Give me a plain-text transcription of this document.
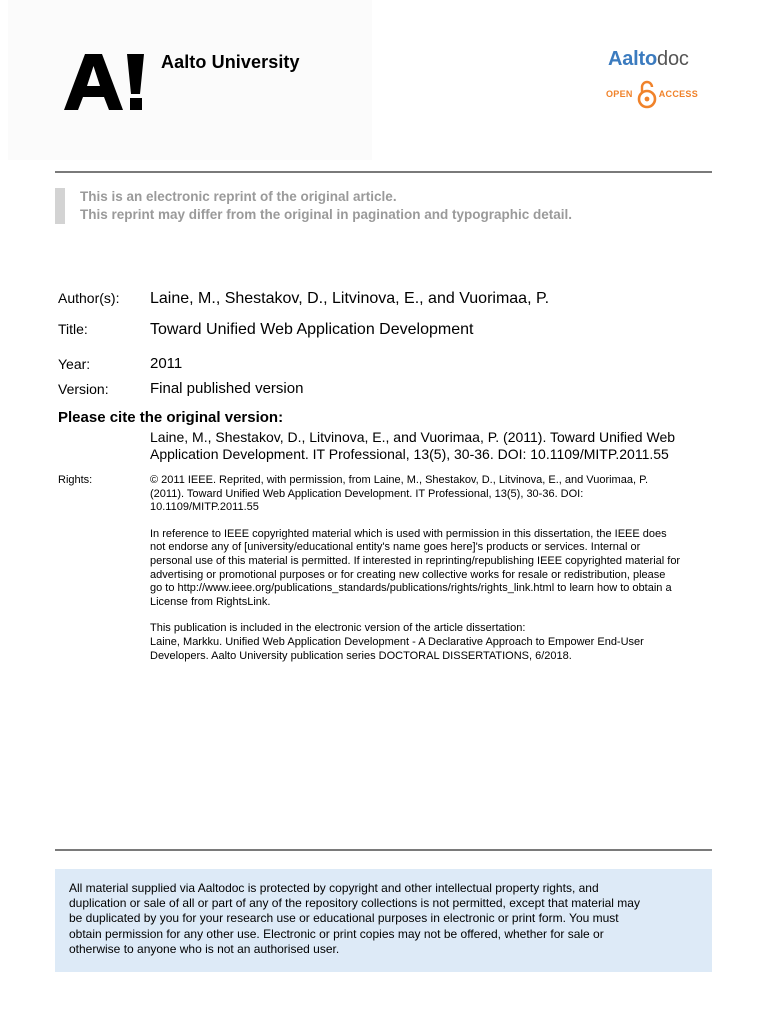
Aalto University	Aaltodoc
OPEN	ACCESS
This is an electronic reprint of the original article.
This reprint may differ from the original in pagination and typographic detail.
Author(s): Laine, M., Shestakov, D., Litvinova, E., and Vuorimaa, P.
Title:	Toward Unified Web Application Development
Year:	2011
Version:	Final published version
Please cite the original version:
Laine, M., Shestakov, D., Litvinova, E., and Vuorimaa, P. (2011). Toward Unified Web
Application Development. IT Professional, 13(5), 30-36. DOI: 10.1109/MITP.2011.55
Rights:	© 2011 IEEE. Reprited, with permission, from Laine, M., Shestakov, D., Litvinova, E., and Vuorimaa, P.
(2011). Toward Unified Web Application Development. IT Professional, 13(5), 30-36. DOI:
10.1109/MITP.2011.55

In reference to IEEE copyrighted material which is used with permission in this dissertation, the IEEE does
not endorse any of [university/educational entity's name goes here]'s products or services. Internal or
personal use of this material is permitted. If interested in reprinting/republishing IEEE copyrighted material for
advertising or promotional purposes or for creating new collective works for resale or redistribution, please
go to http://www.ieee.org/publications_standards/publications/rights/rights_link.html to learn how to obtain a
License from RightsLink.

This publication is included in the electronic version of the article dissertation:
Laine, Markku. Unified Web Application Development - A Declarative Approach to Empower End-User
Developers. Aalto University publication series DOCTORAL DISSERTATIONS, 6/2018.

All material supplied via Aaltodoc is protected by copyright and other intellectual property rights, and
duplication or sale of all or part of any of the repository collections is not permitted, except that material may
be duplicated by you for your research use or educational purposes in electronic or print form. You must
obtain permission for any other use. Electronic or print copies may not be offered, whether for sale or
otherwise to anyone who is not an authorised user.
